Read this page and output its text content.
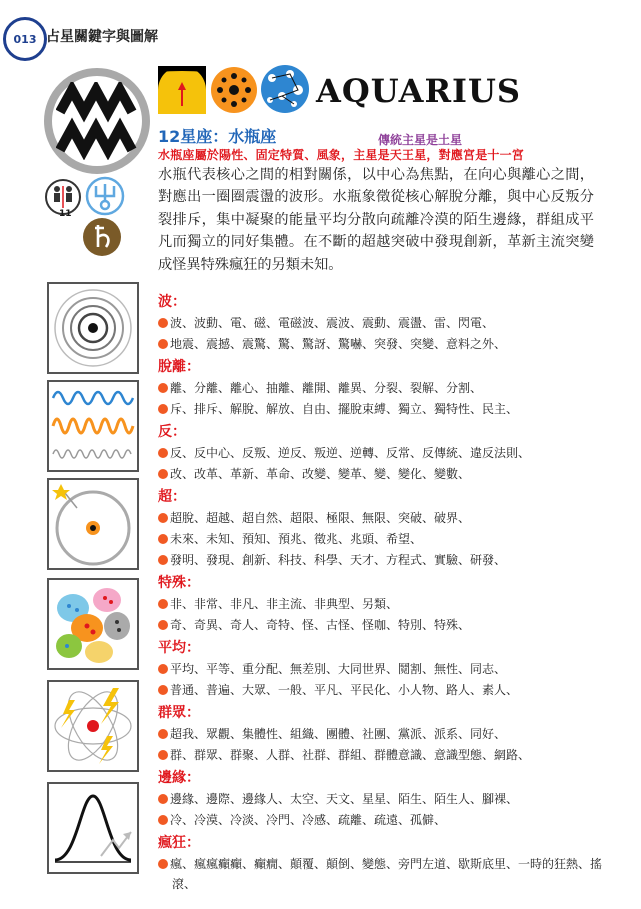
013 占星關鍵字與圖解
11
AQUARIUS
12星座：水瓶座	傳統主星是土星
水瓶座屬於陽性、固定特質、風象，主星是天王星，對應宮是十一宮
水瓶代表核心之間的相對關係，以中心為焦點，在向心與離心之間，對應出一圈圈震盪的波形。水瓶象徵從核心解脫分離，與中心反叛分裂排斥，集中凝聚的能量平均分散向疏離冷漠的陌生邊緣，群組成平凡而獨立的同好集體。在不斷的超越突破中發現創新，革新主流突變成怪異特殊瘋狂的另類未知。
波：
波、波動、電、磁、電磁波、震波、震動、震盪、雷、閃電、
地震、震撼、震驚、驚、驚訝、驚嚇、突發、突變、意料之外、
脫離：
離、分離、離心、抽離、離開、離異、分裂、裂解、分割、
斥、排斥、解脫、解放、自由、擺脫束縛、獨立、獨特性、民主、
反：
反、反中心、反叛、逆反、叛逆、逆轉、反常、反傳統、違反法則、
改、改革、革新、革命、改變、變革、變、變化、變數、
超：
超脫、超越、超自然、超限、極限、無限、突破、破界、
未來、未知、預知、預兆、徵兆、兆頭、希望、
發明、發現、創新、科技、科學、天才、方程式、實驗、研發、
特殊：
非、非常、非凡、非主流、非典型、另類、
奇、奇異、奇人、奇特、怪、古怪、怪咖、特別、特殊、
平均：
平均、平等、重分配、無差別、大同世界、鬩割、無性、同志、
普通、普遍、大眾、一般、平凡、平民化、小人物、路人、素人、
群眾：
超我、眾觀、集體性、組織、團體、社團、黨派、派系、同好、
群、群眾、群聚、人群、社群、群組、群體意識、意識型態、網路、
邊緣：
邊緣、邊際、邊緣人、太空、天文、星星、陌生、陌生人、腳裸、
冷、冷漠、冷淡、冷門、冷感、疏離、疏遠、孤僻、
瘋狂：
瘋、瘋瘋癲癲、癲癇、顛覆、顛倒、變態、旁門左道、歇斯底里、一時的狂熱、搖滾、
